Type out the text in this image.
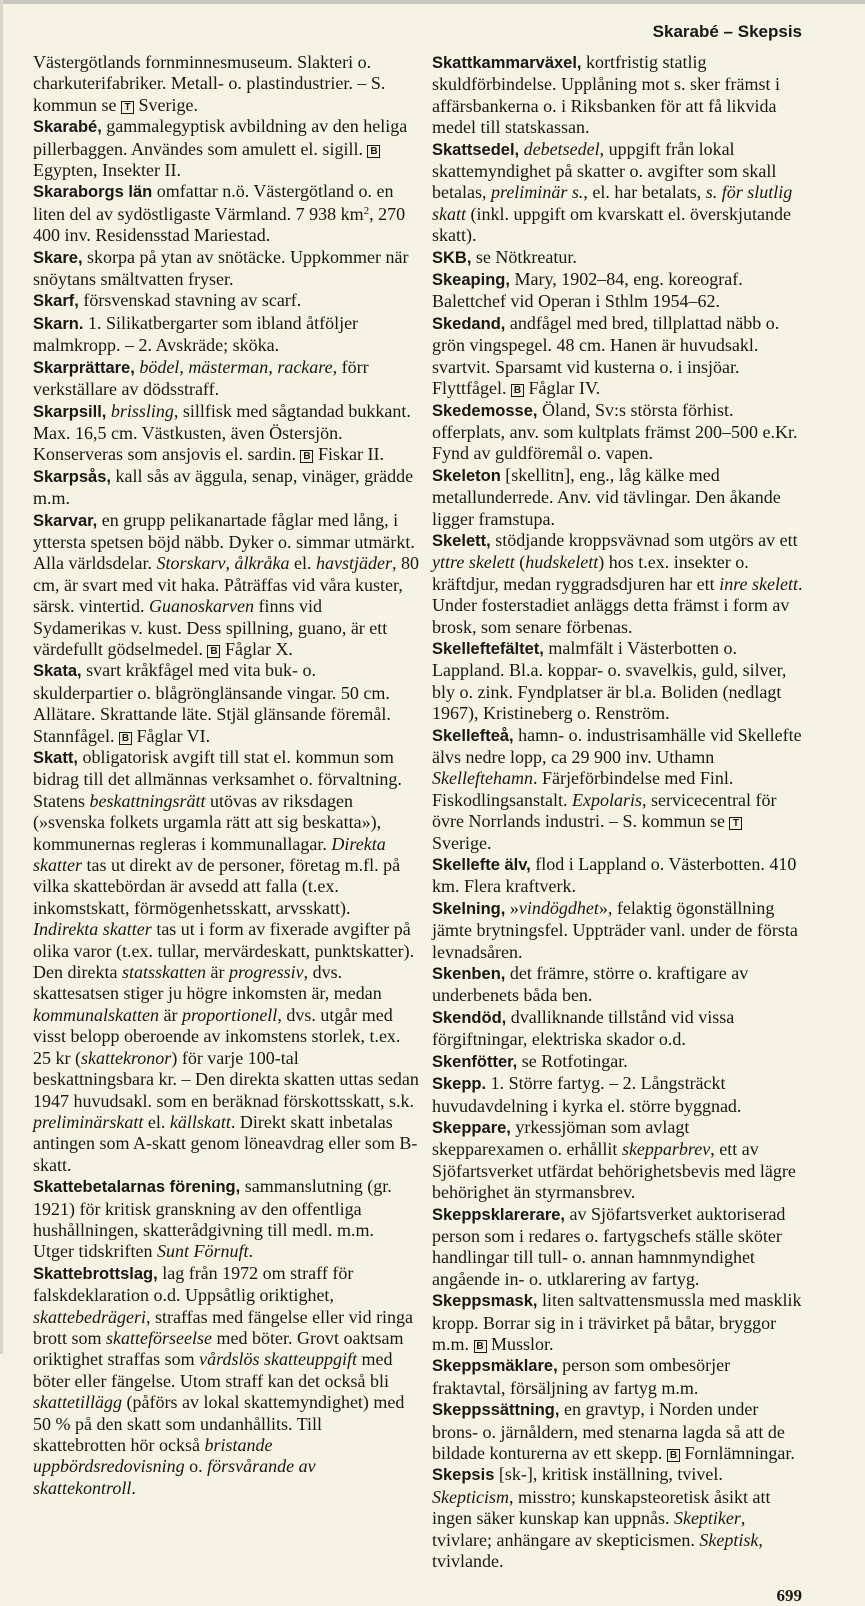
Skarabé – Skepsis

Västergötlands fornminnesmuseum. Slakteri o. charkuterifabriker. Metall- o. plastindustrier. – S. kommun se T Sverige.

Skarabé, gammalegyptisk avbildning av den heliga pillerbaggen. Användes som amulett el. sigill. B Egypten, Insekter II.

Skaraborgs län omfattar n.ö. Västergötland o. en liten del av sydöstligaste Värmland. 7 938 $km^2$, 270 400 inv. Residensstad Mariestad.

Skare, skorpa på ytan av snötäcke. Uppkommer när snöytans smältvatten fryser.

Skarf, försvenskad stavning av scarf.

Skarn. 1. Silikatbergarter som ibland åtföljer malmkropp. – 2. Avskräde; sköka.

Skarprättare, bödel, mästerman, rackare, förr verkställare av dödsstraff.

Skarpsill, brissling, sillfisk med sågtandad bukkant. Max. 16,5 cm. Västkusten, även Östersjön. Konserveras som ansjovis el. sardin. B Fiskar II.

Skarpsås, kall sås av äggula, senap, vinäger, grädde m.m.

Skarvar, en grupp pelikanartade fåglar med lång, i yttersta spetsen böjd näbb. Dyker o. simmar utmärkt. Alla världsdelar. Storskarv, ålkråka el. havstjäder, 80 cm, är svart med vit haka. Påträffas vid våra kuster, särsk. vintertid. Guanoskarven finns vid Sydamerikas v. kust. Dess spillning, guano, är ett värdefullt gödselmedel. B Fåglar X.

Skata, svart kråkfågel med vita buk- o. skulderpartier o. blågrönglänsande vingar. 50 cm. Allätare. Skrattande läte. Stjäl glänsande föremål. Stannfågel. B Fåglar VI.

Skatt, obligatorisk avgift till stat el. kommun som bidrag till det allmännas verksamhet o. förvaltning. Statens beskattningsrätt utövas av riksdagen (»svenska folkets urgamla rätt att sig beskatta»), kommunernas regleras i kommunallagar. Direkta skatter tas ut direkt av de personer, företag m.fl. på vilka skattebördan är avsedd att falla (t.ex. inkomstskatt, förmögenhetsskatt, arvsskatt). Indirekta skatter tas ut i form av fixerade avgifter på olika varor (t.ex. tullar, mervärdeskatt, punktskatter). Den direkta statsskatten är progressiv, dvs. skattesatsen stiger ju högre inkomsten är, medan kommunalskatten är proportionell, dvs. utgår med visst belopp oberoende av inkomstens storlek, t.ex. 25 kr (skattekronor) för varje 100-tal beskattningsbara kr. – Den direkta skatten uttas sedan 1947 huvudsakl. som en beräknad förskottsskatt, s.k. preliminärskatt el. källskatt. Direkt skatt inbetalas antingen som A-skatt genom löneavdrag eller som B-skatt.

Skattebetalarnas förening, sammanslutning (gr. 1921) för kritisk granskning av den offentliga hushållningen, skatterådgivning till medl. m.m. Utger tidskriften Sunt Förnuft.

Skattebrottslag, lag från 1972 om straff för falskdeklaration o.d. Uppsåtlig oriktighet, skattebedrägeri, straffas med fängelse eller vid ringa brott som skatteförseelse med böter. Grovt oaktsam oriktighet straffas som vårdslös skatteuppgift med böter eller fängelse. Utom straff kan det också bli skattetillägg (påförs av lokal skattemyndighet) med 50 % på den skatt som undanhållits. Till skattebrotten hör också bristande uppbördsredovisning o. försvårande av skattekontroll.

Skattkammarväxel, kortfristig statlig skuldförbindelse. Upplåning mot s. sker främst i affärsbankerna o. i Riksbanken för att få likvida medel till statskassan.

Skattsedel, debetsedel, uppgift från lokal skattemyndighet på skatter o. avgifter som skall betalas, preliminär s., el. har betalats, s. för slutlig skatt (inkl. uppgift om kvarskatt el. överskjutande skatt).

SKB, se Nötkreatur.

Skeaping, Mary, 1902–84, eng. koreograf. Balettchef vid Operan i Sthlm 1954–62.

Skedand, andfågel med bred, tillplattad näbb o. grön vingspegel. 48 cm. Hanen är huvudsakl. svartvit. Sparsamt vid kusterna o. i insjöar. Flyttfågel. B Fåglar IV.

Skedemosse, Öland, Sv:s största förhist. offerplats, anv. som kultplats främst 200–500 e.Kr. Fynd av guldföremål o. vapen.

Skeleton [skellitn], eng., låg kälke med metallunderrede. Anv. vid tävlingar. Den åkande ligger framstupa.

Skelett, stödjande kroppsvävnad som utgörs av ett yttre skelett (hudskelett) hos t.ex. insekter o. kräftdjur, medan ryggradsdjuren har ett inre skelett. Under fosterstadiet anläggs detta främst i form av brosk, som senare förbenas.

Skelleftefältet, malmfält i Västerbotten o. Lappland. Bl.a. koppar- o. svavelkis, guld, silver, bly o. zink. Fyndplatser är bl.a. Boliden (nedlagt 1967), Kristineberg o. Renström.

Skellefteå, hamn- o. industrisamhälle vid Skellefte älvs nedre lopp, ca 29 900 inv. Uthamn Skelleftehamn. Färjeförbindelse med Finl. Fiskodlingsanstalt. Expolaris, servicecentral för övre Norrlands industri. – S. kommun se T Sverige.

Skellefte älv, flod i Lappland o. Västerbotten. 410 km. Flera kraftverk.

Skelning, »vindögdhet», felaktig ögonställning jämte brytningsfel. Uppträder vanl. under de första levnadsåren.

Skenben, det främre, större o. kraftigare av underbenets båda ben.

Skendöd, dvalliknande tillstånd vid vissa förgiftningar, elektriska skador o.d.

Skenfötter, se Rotfotingar.

Skepp. 1. Större fartyg. – 2. Långsträckt huvudavdelning i kyrka el. större byggnad.

Skeppare, yrkessjöman som avlagt skepparexamen o. erhållit skepparbrev, ett av Sjöfartsverket utfärdat behörighetsbevis med lägre behörighet än styrmansbrev.

Skeppsklarerare, av Sjöfartsverket auktoriserad person som i redares o. fartygschefs ställe sköter handlingar till tull- o. annan hamnmyndighet angående in- o. utklarering av fartyg.

Skeppsmask, liten saltvattensmussla med masklik kropp. Borrar sig in i trävirket på båtar, bryggor m.m. B Musslor.

Skeppsmäklare, person som ombesörjer fraktavtal, försäljning av fartyg m.m.

Skeppssättning, en gravtyp, i Norden under brons- o. järnåldern, med stenarna lagda så att de bildade konturerna av ett skepp. B Fornlämningar.

Skepsis [sk-], kritisk inställning, tvivel. Skepticism, misstro; kunskapsteoretisk åsikt att ingen säker kunskap kan uppnås. Skeptiker, tvivlare; anhängare av skepticismen. Skeptisk, tvivlande.

699
